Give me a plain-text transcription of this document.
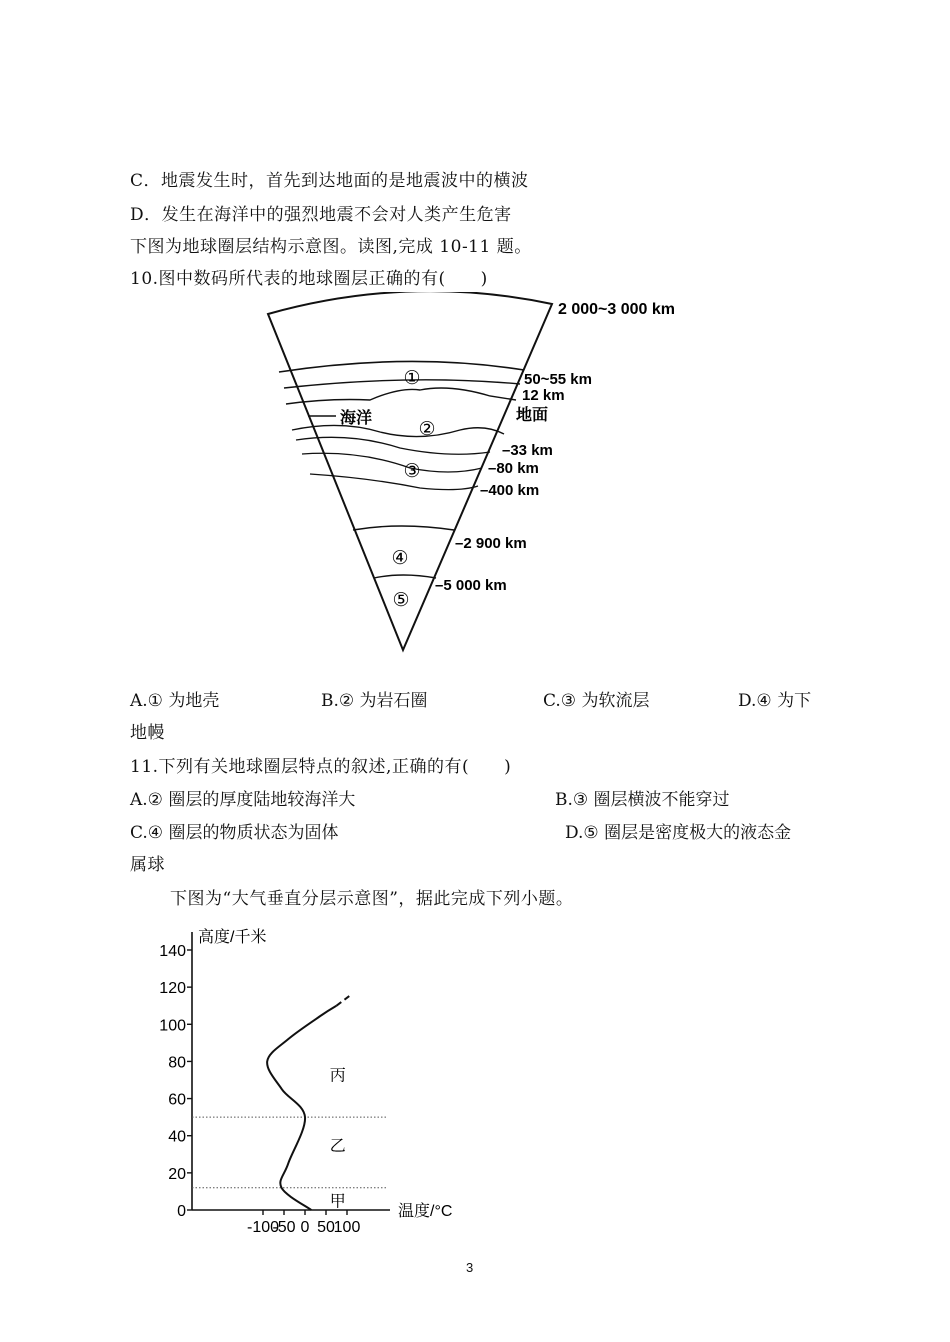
C．地震发生时，首先到达地面的是地震波中的横波
D．发生在海洋中的强烈地震不会对人类产生危害
下图为地球圈层结构示意图。读图,完成 10-11 题。
10.图中数码所代表的地球圈层正确的有(　　)
①
②
③
④
⑤
海洋
2 000~3 000 km
50~55 km
12 km
地面
–33 km
–80 km
–400 km
–2 900 km
–5 000 km
A.① 为地壳	B.② 为岩石圈	C.③ 为软流层	D.④ 为下
地幔
11.下列有关地球圈层特点的叙述,正确的有(　　)
A.② 圈层的厚度陆地较海洋大	B.③ 圈层横波不能穿过
C.④ 圈层的物质状态为固体	D.⑤ 圈层是密度极大的液态金
属球
下图为“大气垂直分层示意图”，据此完成下列小题。
0
20
40
60
80
100
120
140
-100
-50 0 50
100
高度/千米
温度/°C
甲
乙
丙
3
